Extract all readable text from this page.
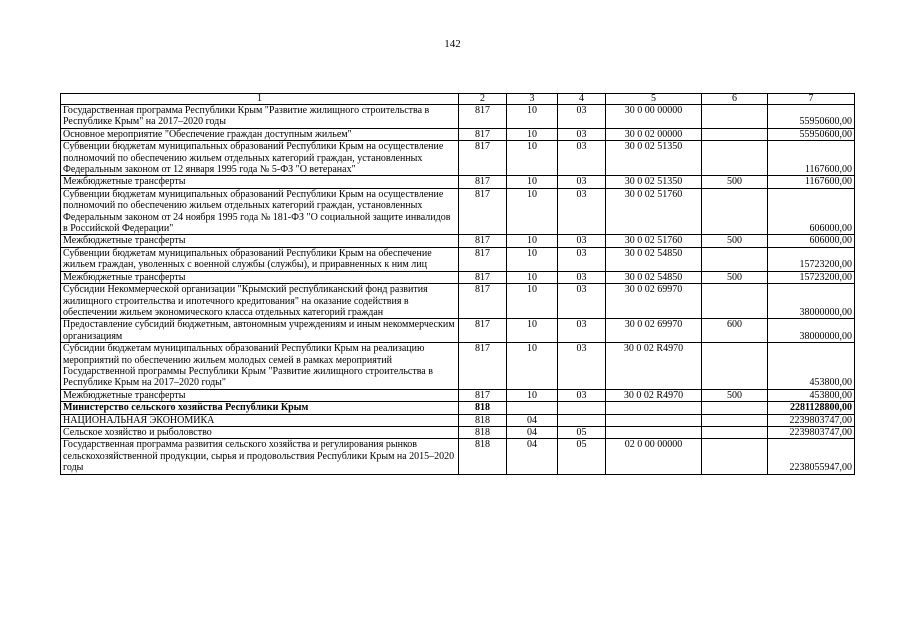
142
1	2	3	4	5	6	7
Государственная программа Республики Крым "Развитие жилищного строительства в Республике Крым" на 2017–2020 годы	817	10	03	30 0 00 00000		55950600,00
Основное мероприятие "Обеспечение граждан доступным жильем"	817	10	03	30 0 02 00000		55950600,00
Субвенции бюджетам муниципальных образований Республики Крым на осуществление полномочий по обеспечению жильем отдельных категорий граждан, установленных Федеральным законом от 12 января 1995 года № 5-ФЗ "О ветеранах"	817	10	03	30 0 02 51350		1167600,00
Межбюджетные трансферты	817	10	03	30 0 02 51350	500	1167600,00
Субвенции бюджетам муниципальных образований Республики Крым на осуществление полномочий по обеспечению жильем отдельных категорий граждан, установленных Федеральным законом от 24 ноября 1995 года № 181-ФЗ "О социальной защите инвалидов в Российской Федерации"	817	10	03	30 0 02 51760		606000,00
Межбюджетные трансферты	817	10	03	30 0 02 51760	500	606000,00
Субвенции бюджетам муниципальных образований Республики Крым на обеспечение жильем граждан, уволенных с военной службы (службы), и приравненных к ним лиц	817	10	03	30 0 02 54850		15723200,00
Межбюджетные трансферты	817	10	03	30 0 02 54850	500	15723200,00
Субсидии Некоммерческой организации "Крымский республиканский фонд развития жилищного строительства и ипотечного кредитования" на оказание содействия в обеспечении жильем экономического класса отдельных категорий граждан	817	10	03	30 0 02 69970		38000000,00
Предоставление субсидий бюджетным, автономным учреждениям и иным некоммерческим организациям	817	10	03	30 0 02 69970	600	38000000,00
Субсидии бюджетам муниципальных образований Республики Крым на реализацию мероприятий по обеспечению жильем молодых семей в рамках мероприятий Государственной программы Республики Крым "Развитие жилищного строительства в Республике Крым на 2017–2020 годы"	817	10	03	30 0 02 R4970		453800,00
Межбюджетные трансферты	817	10	03	30 0 02 R4970	500	453800,00
Министерство сельского хозяйства Республики Крым	818					2281128800,00
НАЦИОНАЛЬНАЯ ЭКОНОМИКА	818	04				2239803747,00
Сельское хозяйство и рыболовство	818	04	05			2239803747,00
Государственная программа развития сельского хозяйства и регулирования рынков сельскохозяйственной продукции, сырья и продовольствия Республики Крым на 2015–2020 годы	818	04	05	02 0 00 00000		2238055947,00
